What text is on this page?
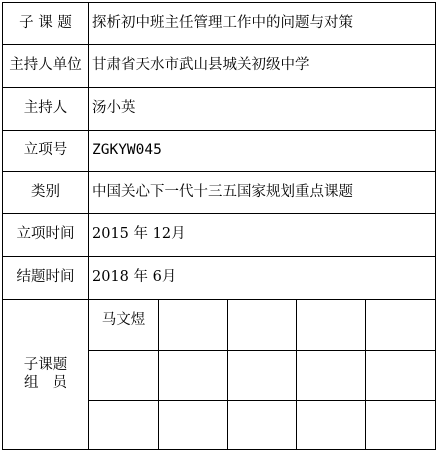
子 课 题	探析初中班主任管理工作中的问题与对策				
主持人单位	甘肃省天水市武山县城关初级中学				
主持人	汤小英				
立项号	ZGKYW045				
类别	中国关心下一代十三五国家规划重点课题				
立项时间	2015 年 12月				
结题时间	2018 年 6月				

子课题
组员	马文煜				
